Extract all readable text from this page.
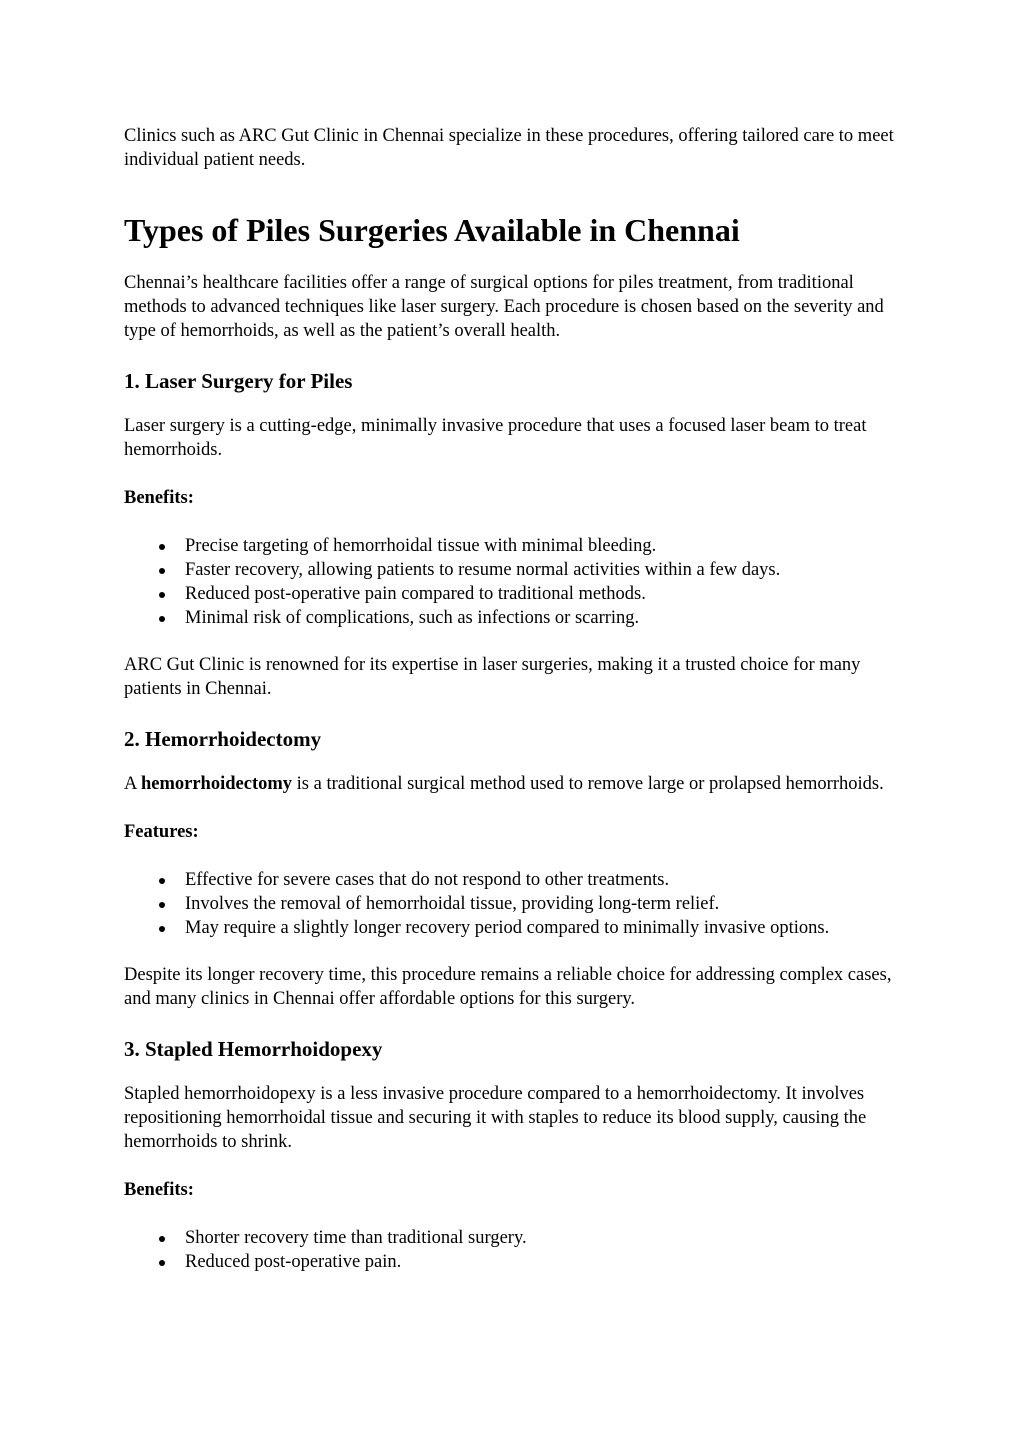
Clinics such as ARC Gut Clinic in Chennai specialize in these procedures, offering tailored care to meet individual patient needs.

Types of Piles Surgeries Available in Chennai

Chennai’s healthcare facilities offer a range of surgical options for piles treatment, from traditional methods to advanced techniques like laser surgery. Each procedure is chosen based on the severity and type of hemorrhoids, as well as the patient’s overall health.

1. Laser Surgery for Piles

Laser surgery is a cutting-edge, minimally invasive procedure that uses a focused laser beam to treat hemorrhoids.

Benefits:

Precise targeting of hemorrhoidal tissue with minimal bleeding.
Faster recovery, allowing patients to resume normal activities within a few days.
Reduced post-operative pain compared to traditional methods.
Minimal risk of complications, such as infections or scarring.

ARC Gut Clinic is renowned for its expertise in laser surgeries, making it a trusted choice for many patients in Chennai.

2. Hemorrhoidectomy

A hemorrhoidectomy is a traditional surgical method used to remove large or prolapsed hemorrhoids.

Features:

Effective for severe cases that do not respond to other treatments.
Involves the removal of hemorrhoidal tissue, providing long-term relief.
May require a slightly longer recovery period compared to minimally invasive options.

Despite its longer recovery time, this procedure remains a reliable choice for addressing complex cases, and many clinics in Chennai offer affordable options for this surgery.

3. Stapled Hemorrhoidopexy

Stapled hemorrhoidopexy is a less invasive procedure compared to a hemorrhoidectomy. It involves repositioning hemorrhoidal tissue and securing it with staples to reduce its blood supply, causing the hemorrhoids to shrink.

Benefits:

Shorter recovery time than traditional surgery.
Reduced post-operative pain.
